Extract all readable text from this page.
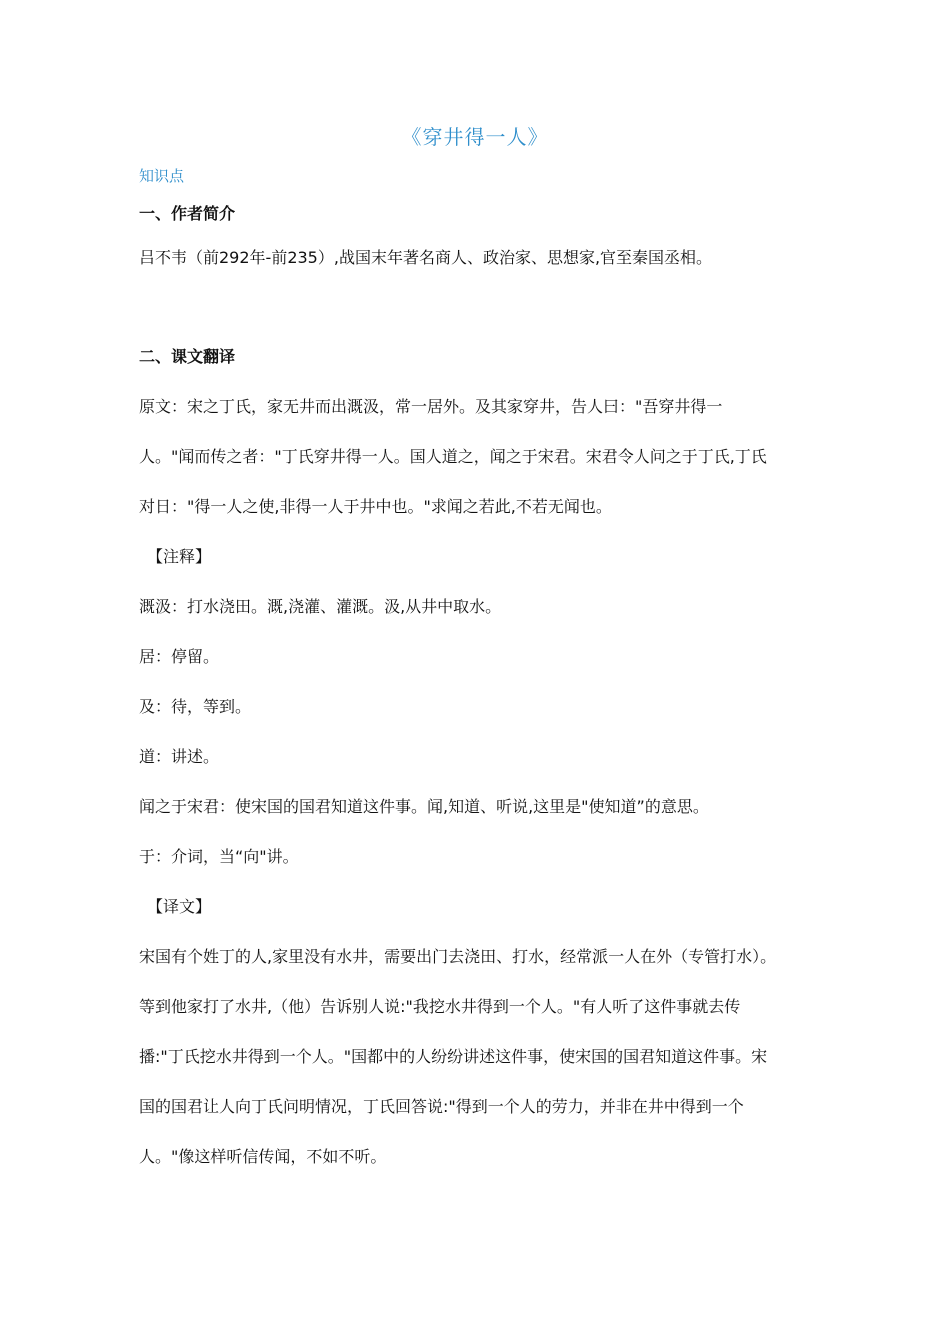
《穿井得一人》
知识点
一、作者简介
吕不韦（前292年-前235）,战国末年著名商人、政治家、思想家,官至秦国丞相。
二、课文翻译
原文：宋之丁氏，家无井而出溉汲，常一居外。及其家穿井，告人曰："吾穿井得一
人。"闻而传之者："丁氏穿井得一人。国人道之，闻之于宋君。宋君令人问之于丁氏,丁氏
对日："得一人之使,非得一人于井中也。"求闻之若此,不若无闻也。
【注释】
溉汲：打水浇田。溉,浇灌、灌溉。汲,从井中取水。
居：停留。
及：待，等到。
道：讲述。
闻之于宋君：使宋国的国君知道这件事。闻,知道、听说,这里是"使知道”的意思。
于：介词，当“向"讲。
【译文】
宋国有个姓丁的人,家里没有水井，需要出门去浇田、打水，经常派一人在外（专管打水）。
等到他家打了水井,（他）告诉别人说:"我挖水井得到一个人。"有人听了这件事就去传
播:"丁氏挖水井得到一个人。"国都中的人纷纷讲述这件事，使宋国的国君知道这件事。宋
国的国君让人向丁氏问明情况，丁氏回答说:"得到一个人的劳力，并非在井中得到一个
人。"像这样听信传闻，不如不听。
